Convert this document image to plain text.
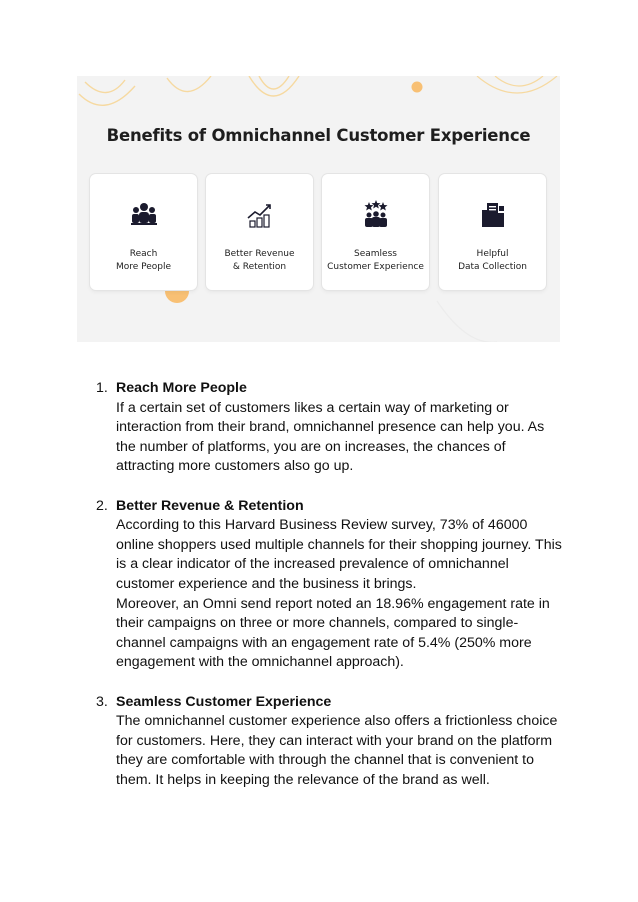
Benefits of Omnichannel Customer Experience
Reach
More People
Better Revenue
& Retention
Seamless
Customer Experience
Helpful
Data Collection
1. Reach More People
If a certain set of customers likes a certain way of marketing or interaction from their brand, omnichannel presence can help you. As the number of platforms, you are on increases, the chances of attracting more customers also go up.
2. Better Revenue & Retention
According to this Harvard Business Review survey, 73% of 46000 online shoppers used multiple channels for their shopping journey. This is a clear indicator of the increased prevalence of omnichannel customer experience and the business it brings.
Moreover, an Omni send report noted an 18.96% engagement rate in their campaigns on three or more channels, compared to single-channel campaigns with an engagement rate of 5.4% (250% more engagement with the omnichannel approach).
3. Seamless Customer Experience
The omnichannel customer experience also offers a frictionless choice for customers. Here, they can interact with your brand on the platform they are comfortable with through the channel that is convenient to them. It helps in keeping the relevance of the brand as well.
